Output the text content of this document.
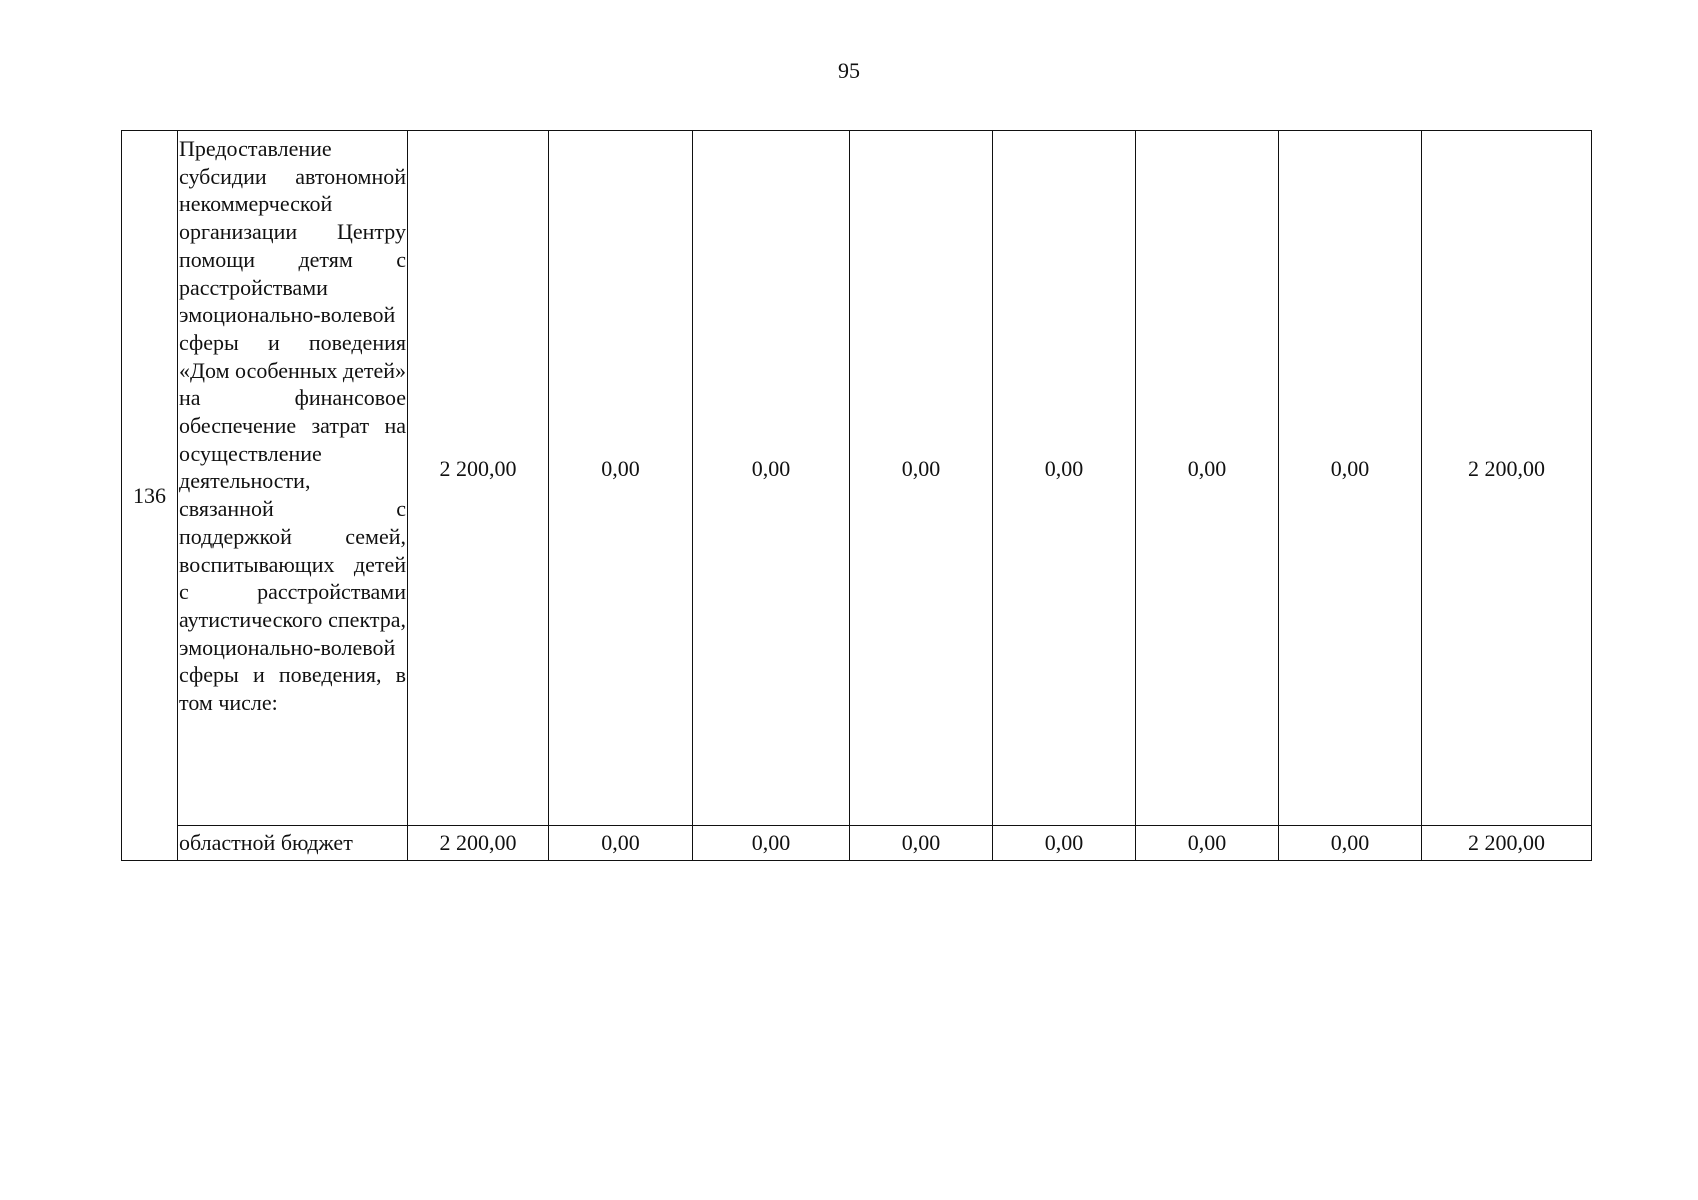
95
136	Предоставление субсидии автономной некоммерческой организации Центру помощи детям с расстройствами эмоционально-волевой сферы и поведения «Дом особенных детей» на финансовое обеспечение затрат на осуществление деятельности, связанной с поддержкой семей, воспитывающих детей с расстройствами аутистического спектра, эмоционально-волевой сферы и поведения, в том числе:	2 200,00	0,00	0,00	0,00	0,00	0,00	0,00	2 200,00
	областной бюджет	2 200,00	0,00	0,00	0,00	0,00	0,00	0,00	2 200,00
